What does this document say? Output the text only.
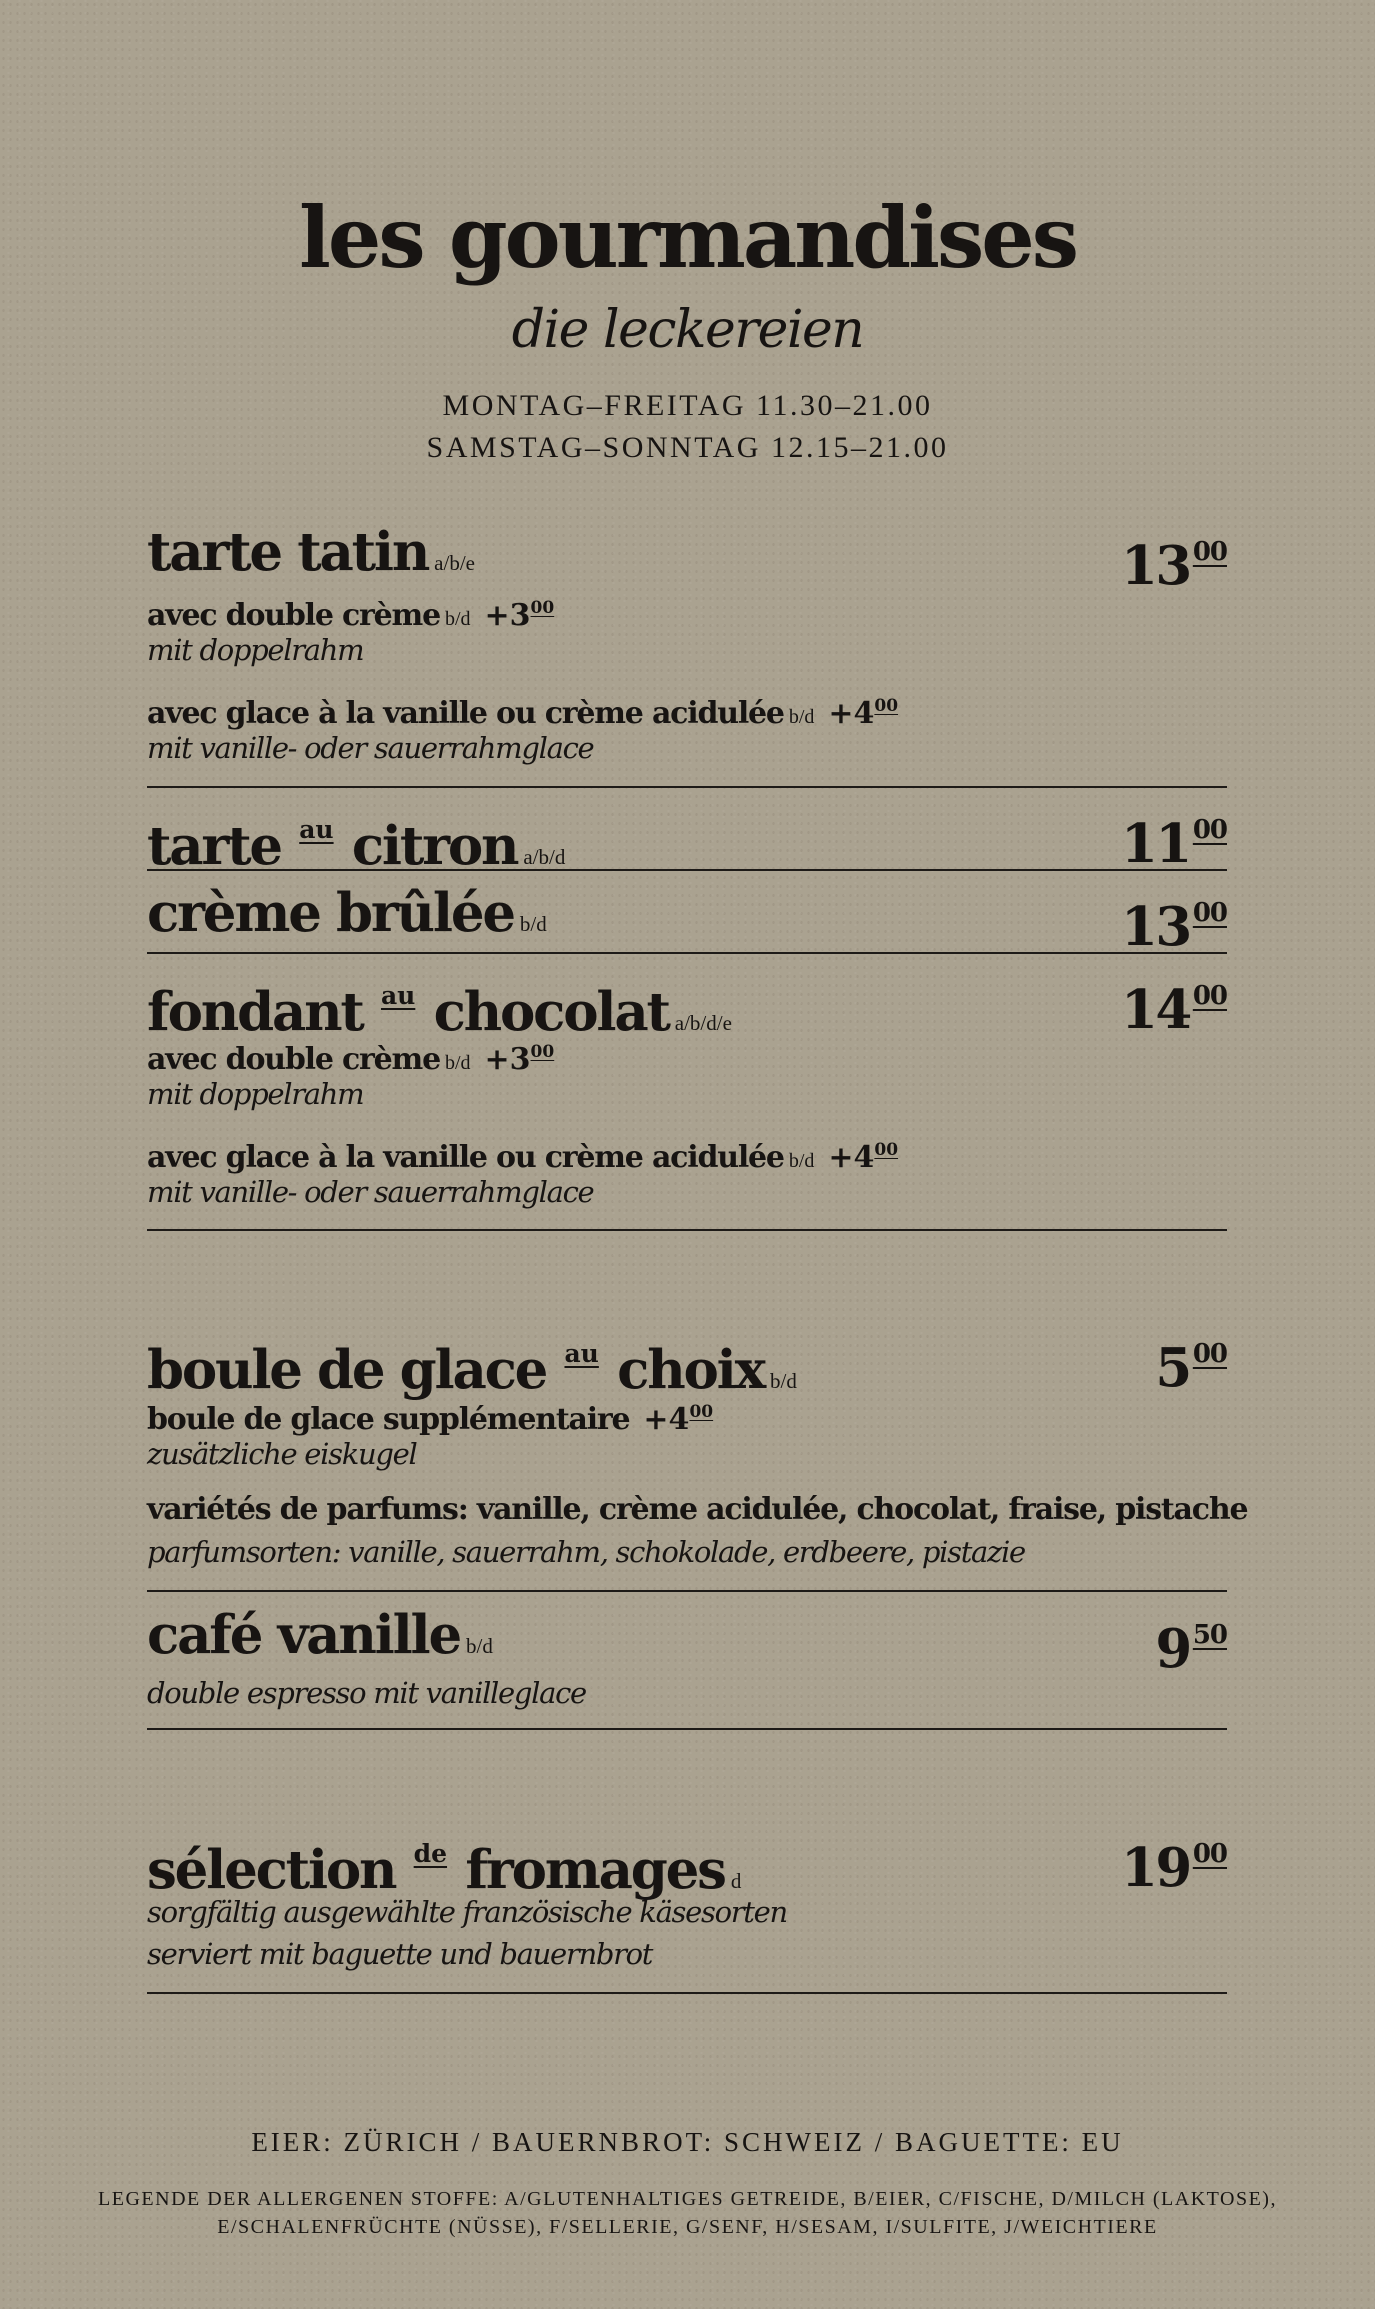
les gourmandises
die leckereien
MONTAG–FREITAG 11.30–21.00
SAMSTAG–SONNTAG 12.15–21.00
tarte tatin a/b/e	13 $^{00}$
avec double crème $b/d +3^{00}$
mit doppelrahm
avec glace à la vanille ou crème acidulée $b/d +4^{00}$
mit vanille- oder sauerrahmglace
tarte $^{au}$ citron a/b/d	11 $^{00}$
crème brûlée b/d	13 $^{00}$
fondant $^{au}$ chocolat a/b/d/e	14 $^{00}$
avec double crème $b/d +3^{00}$
mit doppelrahm
avec glace à la vanille ou crème acidulée $b/d +4^{00}$
mit vanille- oder sauerrahmglace
boule de glace $^{au}$ choix b/d	5 $^{00}$
boule de glace supplémentaire $+4^{00}$
zusätzliche eiskugel
variétés de parfums: vanille, crème acidulée, chocolat, fraise, pistache
parfumsorten: vanille, sauerrahm, schokolade, erdbeere, pistazie
café vanille b/d	9 $^{50}$
double espresso mit vanilleglace
sélection $^{de}$ fromages d	19 $^{00}$
sorgfältig ausgewählte französische käsesorten
serviert mit baguette und bauernbrot
EIER: ZÜRICH / BAUERNBROT: SCHWEIZ / BAGUETTE: EU
LEGENDE DER ALLERGENEN STOFFE: A/GLUTENHALTIGES GETREIDE, B/EIER, C/FISCHE, D/MILCH (LAKTOSE),
E/SCHALENFRÜCHTE (NÜSSE), F/SELLERIE, G/SENF, H/SESAM, I/SULFITE, J/WEICHTIERE
